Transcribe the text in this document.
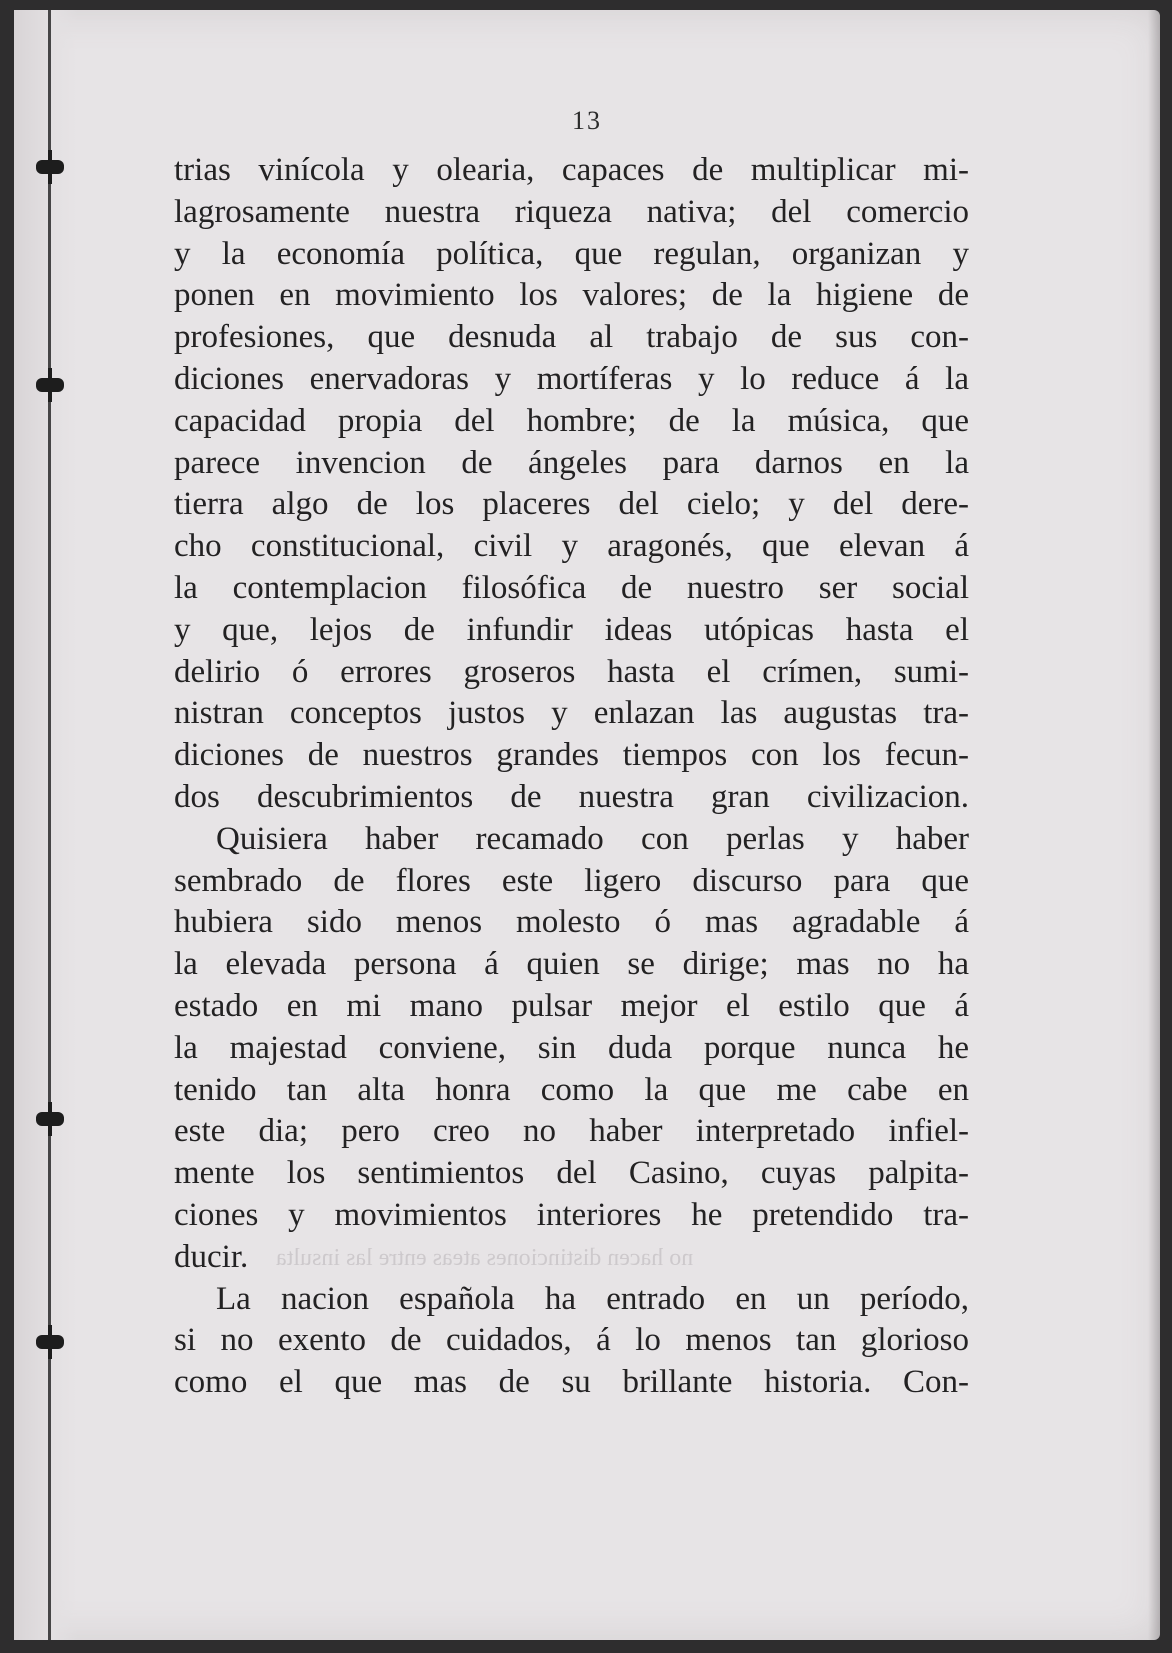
13
no hacen distinciones ateas entre las insulta
trias vinícola y olearia, capaces de multiplicar mi-
lagrosamente nuestra riqueza nativa; del comercio
y la economía política, que regulan, organizan y
ponen en movimiento los valores; de la higiene de
profesiones, que desnuda al trabajo de sus con-
diciones enervadoras y mortíferas y lo reduce á la
capacidad propia del hombre; de la música, que
parece invencion de ángeles para darnos en la
tierra algo de los placeres del cielo; y del dere-
cho constitucional, civil y aragonés, que elevan á
la contemplacion filosófica de nuestro ser social
y que, lejos de infundir ideas utópicas hasta el
delirio ó errores groseros hasta el crímen, sumi-
nistran conceptos justos y enlazan las augustas tra-
diciones de nuestros grandes tiempos con los fecun-
dos descubrimientos de nuestra gran civilizacion.
Quisiera haber recamado con perlas y haber
sembrado de flores este ligero discurso para que
hubiera sido menos molesto ó mas agradable á
la elevada persona á quien se dirige; mas no ha
estado en mi mano pulsar mejor el estilo que á
la majestad conviene, sin duda porque nunca he
tenido tan alta honra como la que me cabe en
este dia; pero creo no haber interpretado infiel-
mente los sentimientos del Casino, cuyas palpita-
ciones y movimientos interiores he pretendido tra-
ducir.
La nacion española ha entrado en un período,
si no exento de cuidados, á lo menos tan glorioso
como el que mas de su brillante historia. Con-
